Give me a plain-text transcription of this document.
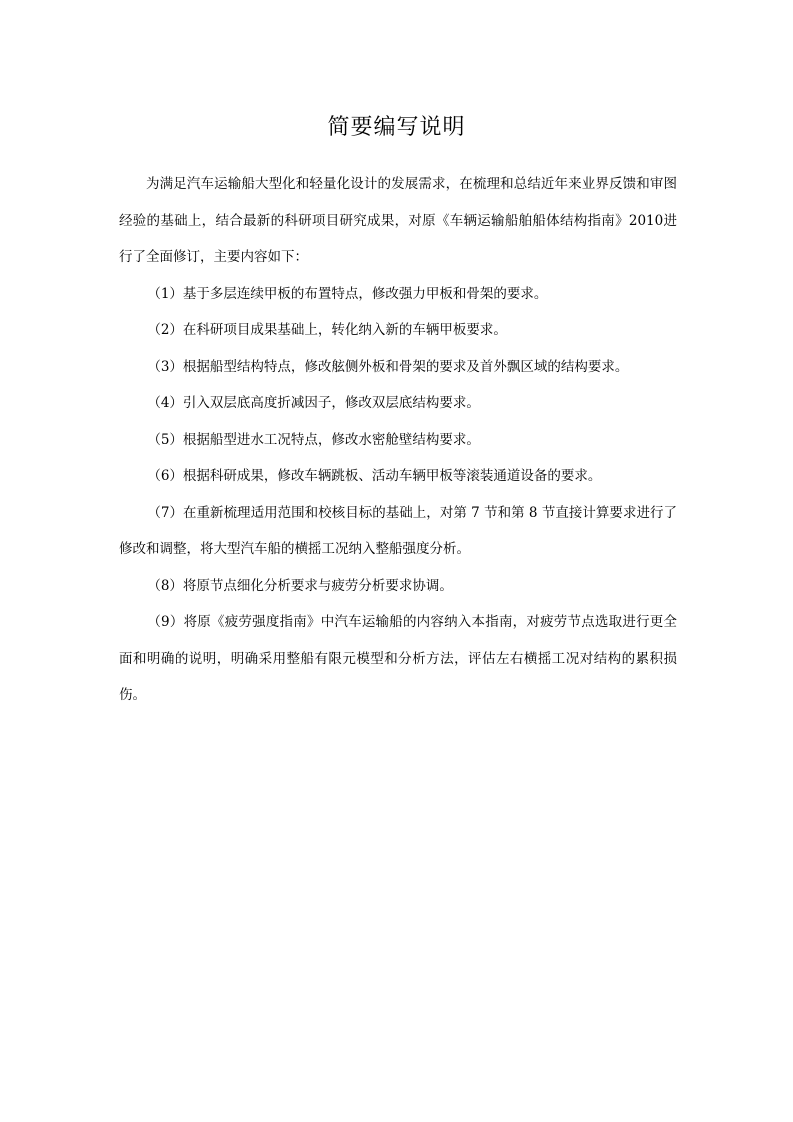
简要编写说明

为满足汽车运输船大型化和轻量化设计的发展需求，在梳理和总结近年来业界反馈和审图经验的基础上，结合最新的科研项目研究成果，对原《车辆运输船舶船体结构指南》2010进行了全面修订，主要内容如下：

（1）基于多层连续甲板的布置特点，修改强力甲板和骨架的要求。

（2）在科研项目成果基础上，转化纳入新的车辆甲板要求。

（3）根据船型结构特点，修改舷侧外板和骨架的要求及首外飘区域的结构要求。

（4）引入双层底高度折减因子，修改双层底结构要求。

（5）根据船型进水工况特点，修改水密舱壁结构要求。

（6）根据科研成果，修改车辆跳板、活动车辆甲板等滚装通道设备的要求。

（7）在重新梳理适用范围和校核目标的基础上，对第 7 节和第 8 节直接计算要求进行了修改和调整，将大型汽车船的横摇工况纳入整船强度分析。

（8）将原节点细化分析要求与疲劳分析要求协调。

（9）将原《疲劳强度指南》中汽车运输船的内容纳入本指南，对疲劳节点选取进行更全面和明确的说明，明确采用整船有限元模型和分析方法，评估左右横摇工况对结构的累积损伤。
